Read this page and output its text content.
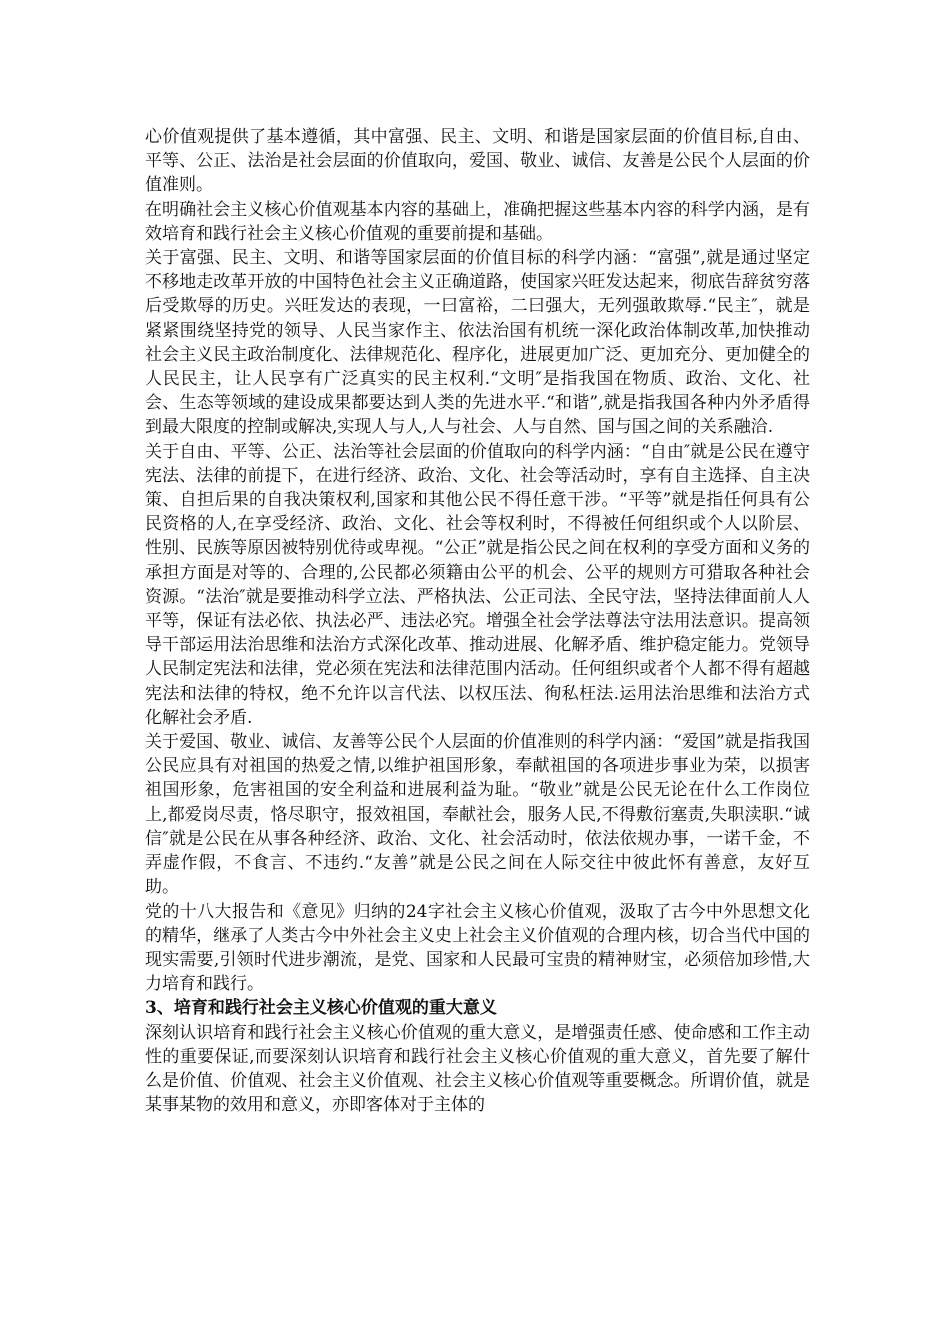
心价值观提供了基本遵循，其中富强、民主、文明、和谐是国家层面的价值目标,自由、平等、公正、法治是社会层面的价值取向，爱国、敬业、诚信、友善是公民个人层面的价值准则。

在明确社会主义核心价值观基本内容的基础上，准确把握这些基本内容的科学内涵，是有效培育和践行社会主义核心价值观的重要前提和基础。

关于富强、民主、文明、和谐等国家层面的价值目标的科学内涵：“富强”,就是通过坚定不移地走改革开放的中国特色社会主义正确道路，使国家兴旺发达起来，彻底告辞贫穷落后受欺辱的历史。兴旺发达的表现，一曰富裕，二曰强大，无列强敢欺辱.“民主″，就是紧紧围绕坚持党的领导、人民当家作主、依法治国有机统一深化政治体制改革,加快推动社会主义民主政治制度化、法律规范化、程序化，进展更加广泛、更加充分、更加健全的人民民主，让人民享有广泛真实的民主权利.“文明″是指我国在物质、政治、文化、社会、生态等领域的建设成果都要达到人类的先进水平.“和谐”,就是指我国各种内外矛盾得到最大限度的控制或解决,实现人与人,人与社会、人与自然、国与国之间的关系融洽.

关于自由、平等、公正、法治等社会层面的价值取向的科学内涵：“自由″就是公民在遵守宪法、法律的前提下，在进行经济、政治、文化、社会等活动时，享有自主选择、自主决策、自担后果的自我决策权利,国家和其他公民不得任意干涉。“平等”就是指任何具有公民资格的人,在享受经济、政治、文化、社会等权利时，不得被任何组织或个人以阶层、性别、民族等原因被特别优待或卑视。“公正”就是指公民之间在权利的享受方面和义务的承担方面是对等的、合理的,公民都必须籍由公平的机会、公平的规则方可猎取各种社会资源。“法治″就是要推动科学立法、严格执法、公正司法、全民守法，坚持法律面前人人平等，保证有法必依、执法必严、违法必究。增强全社会学法尊法守法用法意识。提高领导干部运用法治思维和法治方式深化改革、推动进展、化解矛盾、维护稳定能力。党领导人民制定宪法和法律，党必须在宪法和法律范围内活动。任何组织或者个人都不得有超越宪法和法律的特权，绝不允许以言代法、以权压法、徇私枉法.运用法治思维和法治方式化解社会矛盾.

关于爱国、敬业、诚信、友善等公民个人层面的价值准则的科学内涵：“爱国”就是指我国公民应具有对祖国的热爱之情,以维护祖国形象，奉献祖国的各项进步事业为荣，以损害祖国形象，危害祖国的安全利益和进展利益为耻。“敬业”就是公民无论在什么工作岗位上,都爱岗尽责，恪尽职守，报效祖国，奉献社会，服务人民,不得敷衍塞责,失职渎职.“诚信″就是公民在从事各种经济、政治、文化、社会活动时，依法依规办事，一诺千金，不弄虚作假，不食言、不违约.“友善”就是公民之间在人际交往中彼此怀有善意，友好互助。

党的十八大报告和《意见》归纳的24字社会主义核心价值观，汲取了古今中外思想文化的精华，继承了人类古今中外社会主义史上社会主义价值观的合理内核，切合当代中国的现实需要,引领时代进步潮流，是党、国家和人民最可宝贵的精神财宝，必须倍加珍惜,大力培育和践行。

3、培育和践行社会主义核心价值观的重大意义

深刻认识培育和践行社会主义核心价值观的重大意义，是增强责任感、使命感和工作主动性的重要保证,而要深刻认识培育和践行社会主义核心价值观的重大意义，首先要了解什么是价值、价值观、社会主义价值观、社会主义核心价值观等重要概念。所谓价值，就是某事某物的效用和意义，亦即客体对于主体的
